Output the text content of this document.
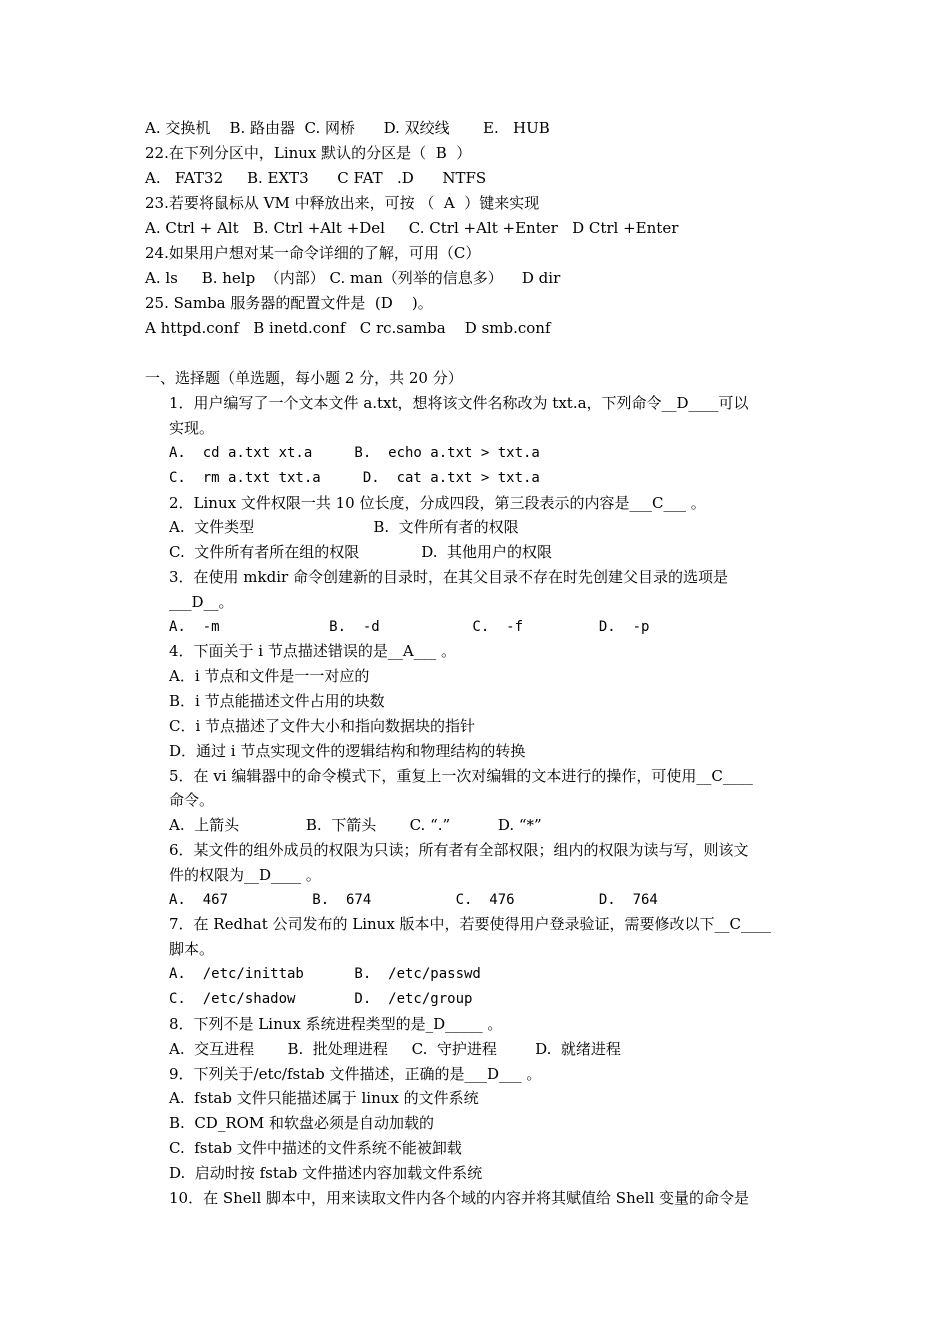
A. 交换机    B. 路由器  C. 网桥      D. 双绞线       E.   HUB
22.在下列分区中，Linux 默认的分区是（  B  ）
A.   FAT32     B. EXT3      C FAT   .D      NTFS
23.若要将鼠标从 VM 中释放出来，可按 （  A  ）键来实现
A. Ctrl + Alt   B. Ctrl +Alt +Del     C. Ctrl +Alt +Enter   D Ctrl +Enter
24.如果用户想对某一命令详细的了解，可用（C）
A. ls     B. help  （内部） C. man（列举的信息多）    D dir
25. Samba 服务器的配置文件是  (D    )。
A httpd.conf   B inetd.conf   C rc.samba    D smb.conf
一、选择题（单选题，每小题 2 分，共 20 分）
1．用户编写了一个文本文件 a.txt，想将该文件名称改为 txt.a，下列命令__D____可以
实现。
A.  cd a.txt xt.a     B.  echo a.txt > txt.a
C.  rm a.txt txt.a     D.  cat a.txt > txt.a
2．Linux 文件权限一共 10 位长度，分成四段，第三段表示的内容是___C___ 。
A.  文件类型                         B.  文件所有者的权限
C.  文件所有者所在组的权限             D.  其他用户的权限
3．在使用 mkdir 命令创建新的目录时，在其父目录不存在时先创建父目录的选项是
___D__。
A.  -m             B.  -d           C.  -f         D.  -p
4．下面关于 i 节点描述错误的是__A___ 。
A．i 节点和文件是一一对应的
B．i 节点能描述文件占用的块数
C．i 节点描述了文件大小和指向数据块的指针
D．通过 i 节点实现文件的逻辑结构和物理结构的转换
5．在 vi 编辑器中的命令模式下，重复上一次对编辑的文本进行的操作，可使用__C____
命令。
A.  上箭头              B.  下箭头       C. “.”          D. “*”
6．某文件的组外成员的权限为只读；所有者有全部权限；组内的权限为读与写，则该文
件的权限为__D____ 。
A.  467          B.  674          C.  476          D.  764
7．在 Redhat 公司发布的 Linux 版本中，若要使得用户登录验证，需要修改以下__C____
脚本。
A.  /etc/inittab      B.  /etc/passwd
C.  /etc/shadow       D.  /etc/group
8．下列不是 Linux 系统进程类型的是_D_____ 。
A.  交互进程       B.  批处理进程     C.  守护进程        D.  就绪进程
9．下列关于/etc/fstab 文件描述，正确的是___D___ 。
A.  fstab 文件只能描述属于 linux 的文件系统
B.  CD_ROM 和软盘必须是自动加载的
C.  fstab 文件中描述的文件系统不能被卸载
D.  启动时按 fstab 文件描述内容加载文件系统
10．在 Shell 脚本中，用来读取文件内各个域的内容并将其赋值给 Shell 变量的命令是
